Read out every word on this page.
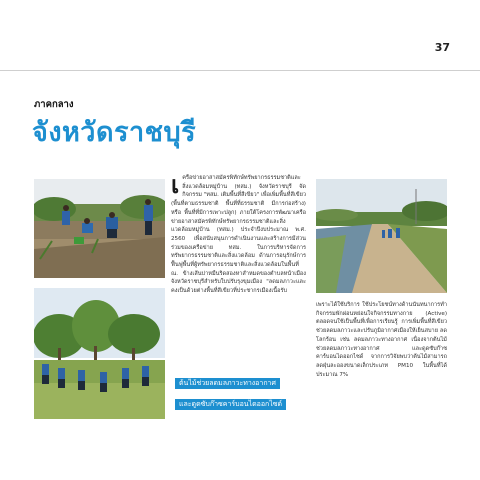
37
ภาคกลาง
จังหวัดราชบุรี

เครือข่ายอาสาสมัครพิทักษ์ทรัพยากรธรรมชาติและสิ่งแวดล้อมหมู่บ้าน (ทสม.) จังหวัดราชบุรี จัดกิจกรรม "ทสม. เติมพื้นที่สีเขียว" เพื่อเพิ่มพื้นที่สีเขียว (พื้นที่ตามธรรมชาติ พื้นที่ที่ธรรมชาติ มีการก่อสร้าง) หรือ พื้นที่ที่มีการเพาะปลูก) ภายใต้โครงการพัฒนาเครือข่ายอาสาสมัครพิทักษ์ทรัพยากรธรรมชาติและสิ่งแวดล้อมหมู่บ้าน (ทสม.) ประจำปีงบประมาณ พ.ศ. 2560 เพื่อสนับสนุนการดำเนินงานและสร้างการมีส่วนร่วมของเครือข่าย ทสม. ในการบริหารจัดการทรัพยากรธรรมชาติและสิ่งแวดล้อม ด้านการอนุรักษ์การฟื้นฟูพื้นที่ผู้ทรัพยากรธรรมชาติและสิ่งแวดล้อมในพื้นที่ ณ. ข้างเส้นบ่าหมืนริดสองหาสำหมดของตำบลหน้าเมืองจังหวัดราชบุรีสำหรับใบปรับรุงขุมเมือง "ลดมลภาวะและคงเป็นด้วยต่างพื้นที่สีเขียวที่ประชากรเมืองเนื้อรับ

ต้นไม้ช่วยลดมลภาวะทางอากาศ
และดูดซับก๊าซคาร์บอนไดออกไซด์

เพราะได้ใช้บริการ ใช้ประโยชน์ทางด้านนันทนาการทำกิจกรรมพักผ่อนหย่อนใจกิจกรรมทางกาย (Active) ตลอดจนใช้เป็นพื้นที่เพื่อการเรียนรู้ การเพิ่มพื้นที่สีเขียว ช่วยลดมลภาวะและปรับภูมิอากาศเมืองให้เย็นสบาย ลดโลกร้อน เช่น ลดมลภาวะทางอากาศ เนื่องจากต้นไม้ช่วยลดมลภาวะทางอากาศ และดูดซับก๊าซคาร์บอนไดออกไซด์ จากการวิจัยพบว่าต้นไม้สามารถลดฝุ่นละอองขนาดเล็กประเภท PM10 ในพื้นที่ได้ประมาณ 7%
